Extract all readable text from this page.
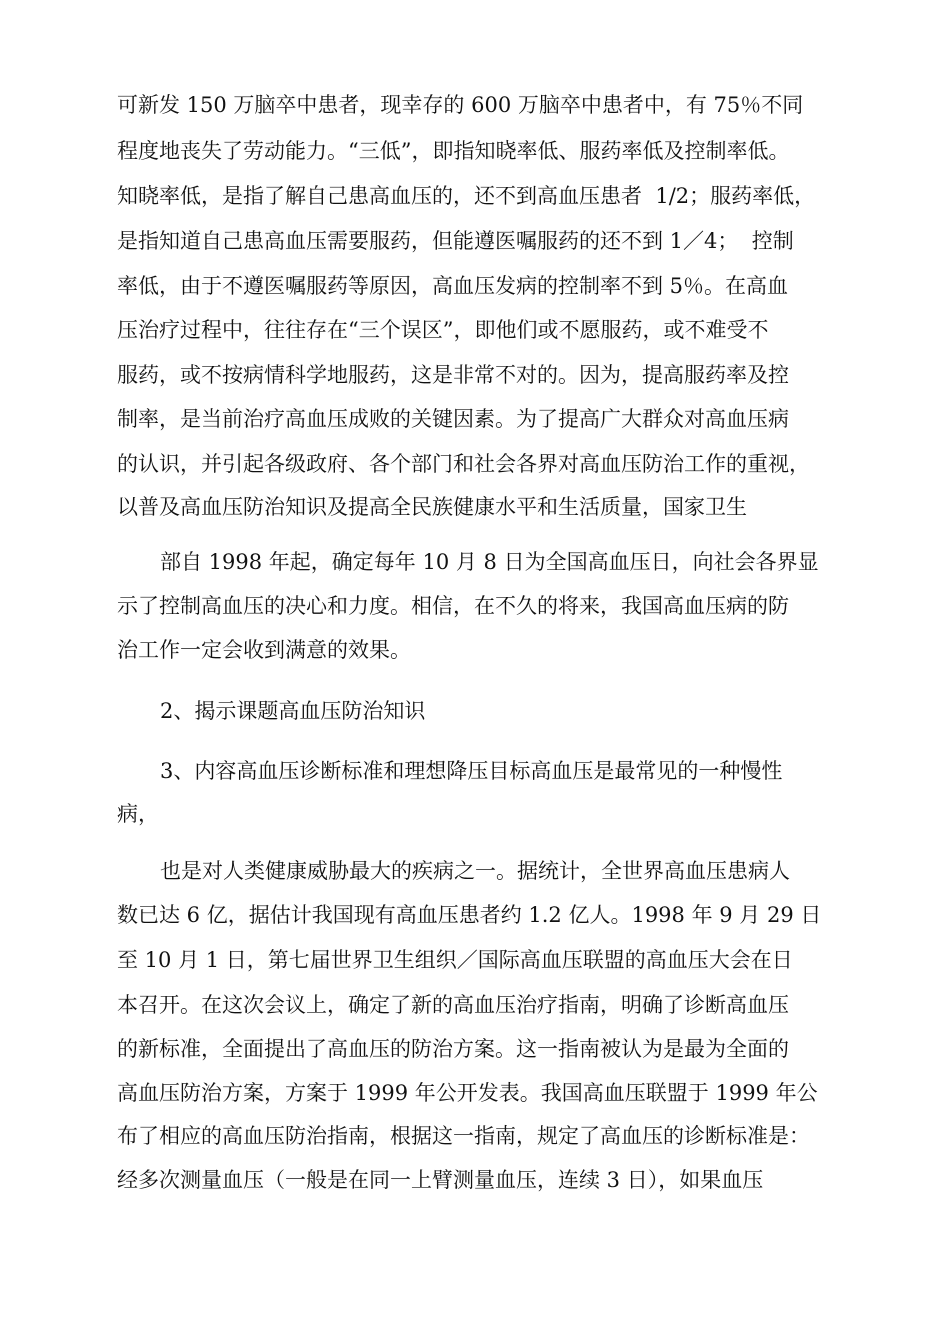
可新发 150 万脑卒中患者，现幸存的 600 万脑卒中患者中，有 75％不同
程度地丧失了劳动能力。“三低”，即指知晓率低、服药率低及控制率低。
知晓率低，是指了解自己患高血压的，还不到高血压患者  1/2；服药率低，
是指知道自己患高血压需要服药，但能遵医嘱服药的还不到 1／4；  控制
率低，由于不遵医嘱服药等原因，高血压发病的控制率不到 5％。在高血
压治疗过程中，往往存在“三个误区”，即他们或不愿服药，或不难受不
服药，或不按病情科学地服药，这是非常不对的。因为，提高服药率及控
制率，是当前治疗高血压成败的关键因素。为了提高广大群众对高血压病
的认识，并引起各级政府、各个部门和社会各界对高血压防治工作的重视，
以普及高血压防治知识及提高全民族健康水平和生活质量，国家卫生
部自 1998 年起，确定每年 10 月 8 日为全国高血压日，向社会各界显
示了控制高血压的决心和力度。相信，在不久的将来，我国高血压病的防
治工作一定会收到满意的效果。
2、揭示课题高血压防治知识
3、内容高血压诊断标准和理想降压目标高血压是最常见的一种慢性
病，
也是对人类健康威胁最大的疾病之一。据统计，全世界高血压患病人
数已达 6 亿，据估计我国现有高血压患者约 1.2 亿人。1998 年 9 月 29 日
至 10 月 1 日，第七届世界卫生组织／国际高血压联盟的高血压大会在日
本召开。在这次会议上，确定了新的高血压治疗指南，明确了诊断高血压
的新标准，全面提出了高血压的防治方案。这一指南被认为是最为全面的
高血压防治方案，方案于 1999 年公开发表。我国高血压联盟于 1999 年公
布了相应的高血压防治指南，根据这一指南，规定了高血压的诊断标准是：
经多次测量血压（一般是在同一上臂测量血压，连续 3 日），如果血压
